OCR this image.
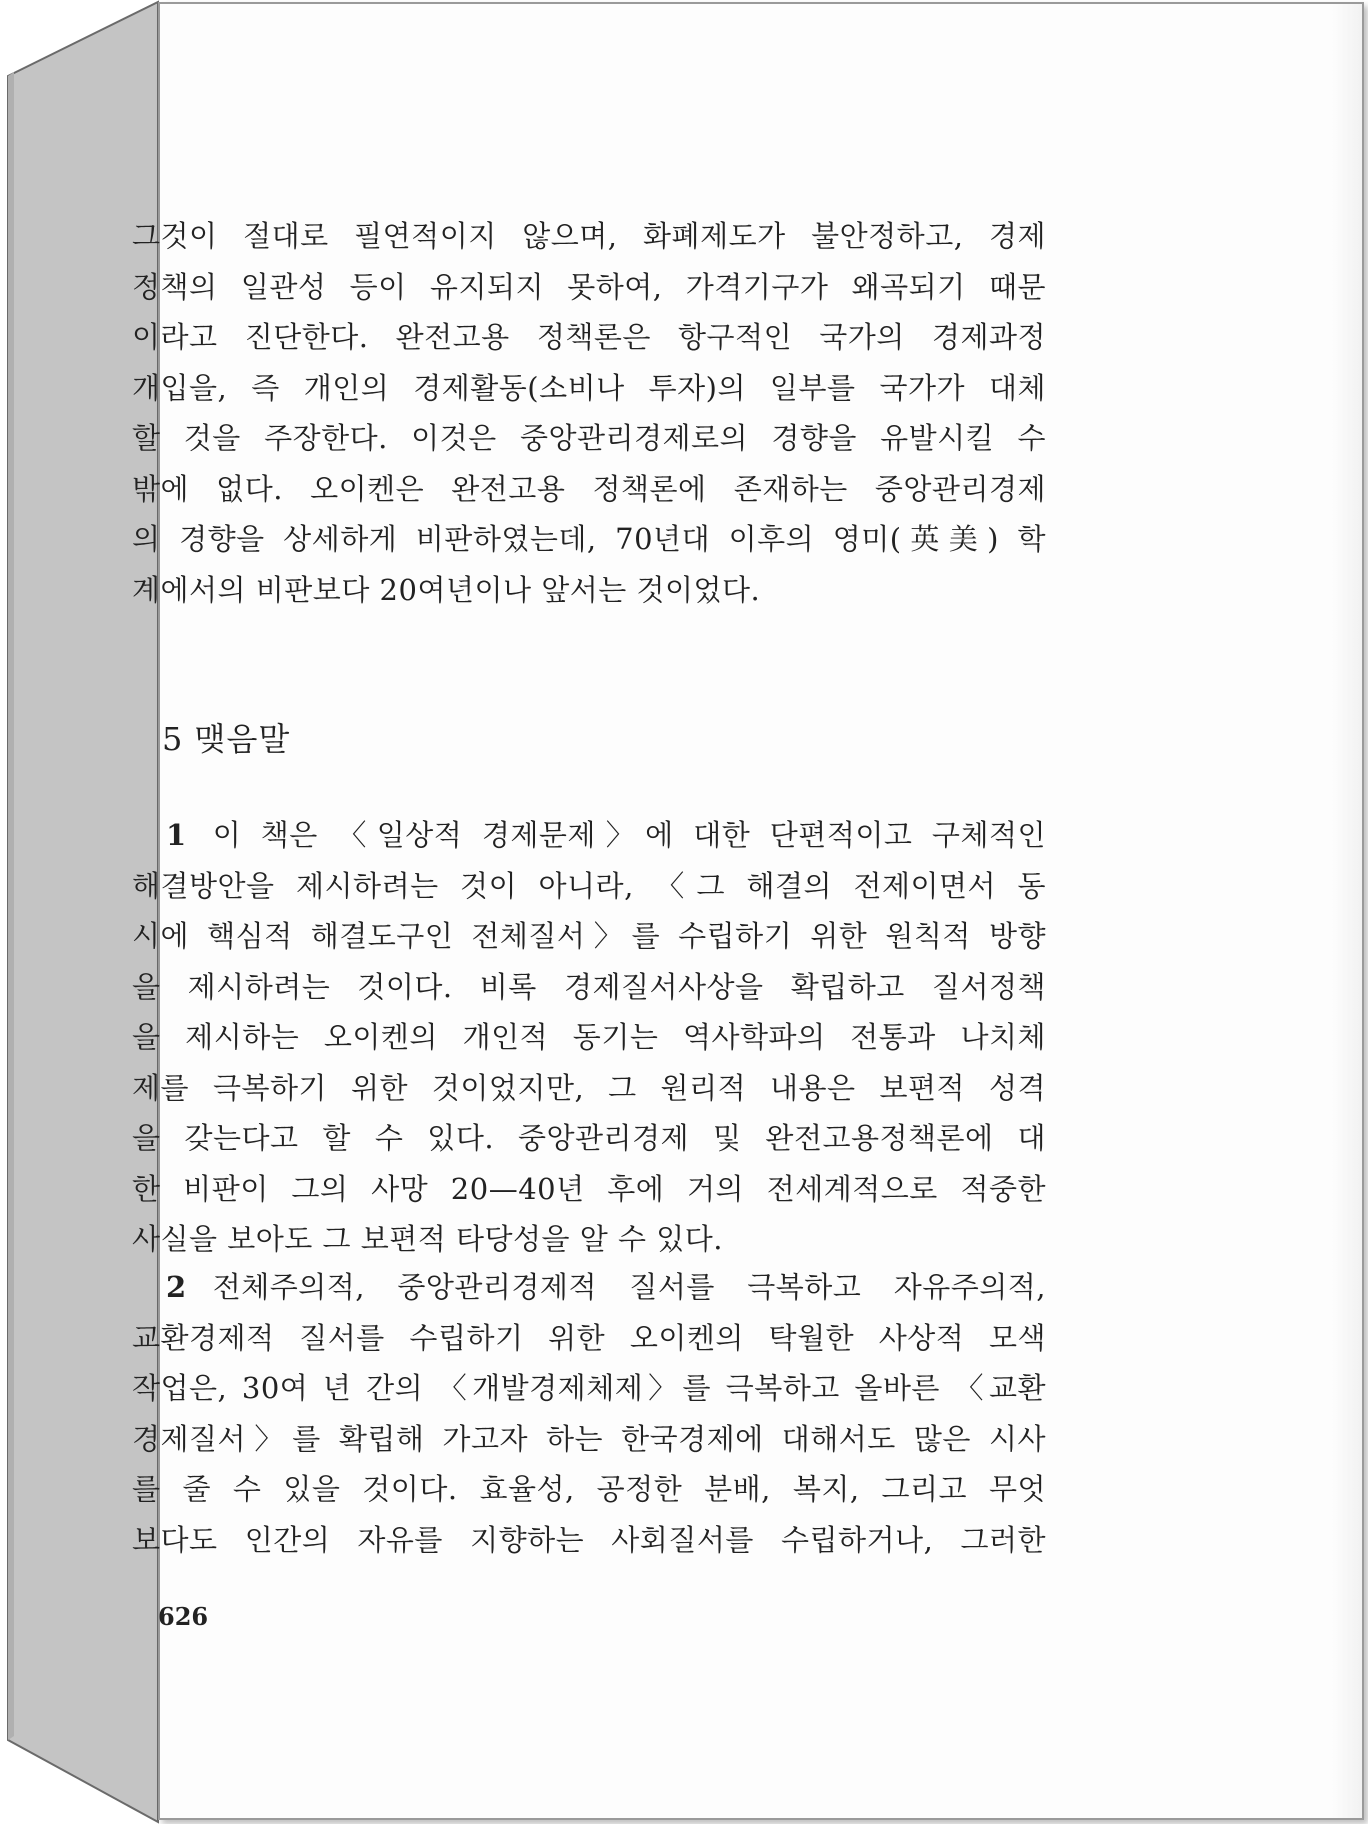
그것이 절대로 필연적이지 않으며, 화폐제도가 불안정하고, 경제
정책의 일관성 등이 유지되지 못하여, 가격기구가 왜곡되기 때문
이라고 진단한다. 완전고용 정책론은 항구적인 국가의 경제과정
개입을, 즉 개인의 경제활동(소비나 투자)의 일부를 국가가 대체
할 것을 주장한다. 이것은 중앙관리경제로의 경향을 유발시킬 수
밖에 없다. 오이켄은 완전고용 정책론에 존재하는 중앙관리경제
의 경향을 상세하게 비판하였는데, 70년대 이후의 영미(英美) 학
계에서의 비판보다 20여년이나 앞서는 것이었다.
5 맺음말
1 이 책은 〈일상적 경제문제〉에 대한 단편적이고 구체적인
해결방안을 제시하려는 것이 아니라, 〈그 해결의 전제이면서 동
시에 핵심적 해결도구인 전체질서〉를 수립하기 위한 원칙적 방향
을 제시하려는 것이다. 비록 경제질서사상을 확립하고 질서정책
을 제시하는 오이켄의 개인적 동기는 역사학파의 전통과 나치체
제를 극복하기 위한 것이었지만, 그 원리적 내용은 보편적 성격
을 갖는다고 할 수 있다. 중앙관리경제 및 완전고용정책론에 대
한 비판이 그의 사망 20—40년 후에 거의 전세계적으로 적중한
사실을 보아도 그 보편적 타당성을 알 수 있다.
2 전체주의적, 중앙관리경제적 질서를 극복하고 자유주의적,
교환경제적 질서를 수립하기 위한 오이켄의 탁월한 사상적 모색
작업은, 30여 년 간의 〈개발경제체제〉를 극복하고 올바른 〈교환
경제질서〉를 확립해 가고자 하는 한국경제에 대해서도 많은 시사
를 줄 수 있을 것이다. 효율성, 공정한 분배, 복지, 그리고 무엇
보다도 인간의 자유를 지향하는 사회질서를 수립하거나, 그러한
626
